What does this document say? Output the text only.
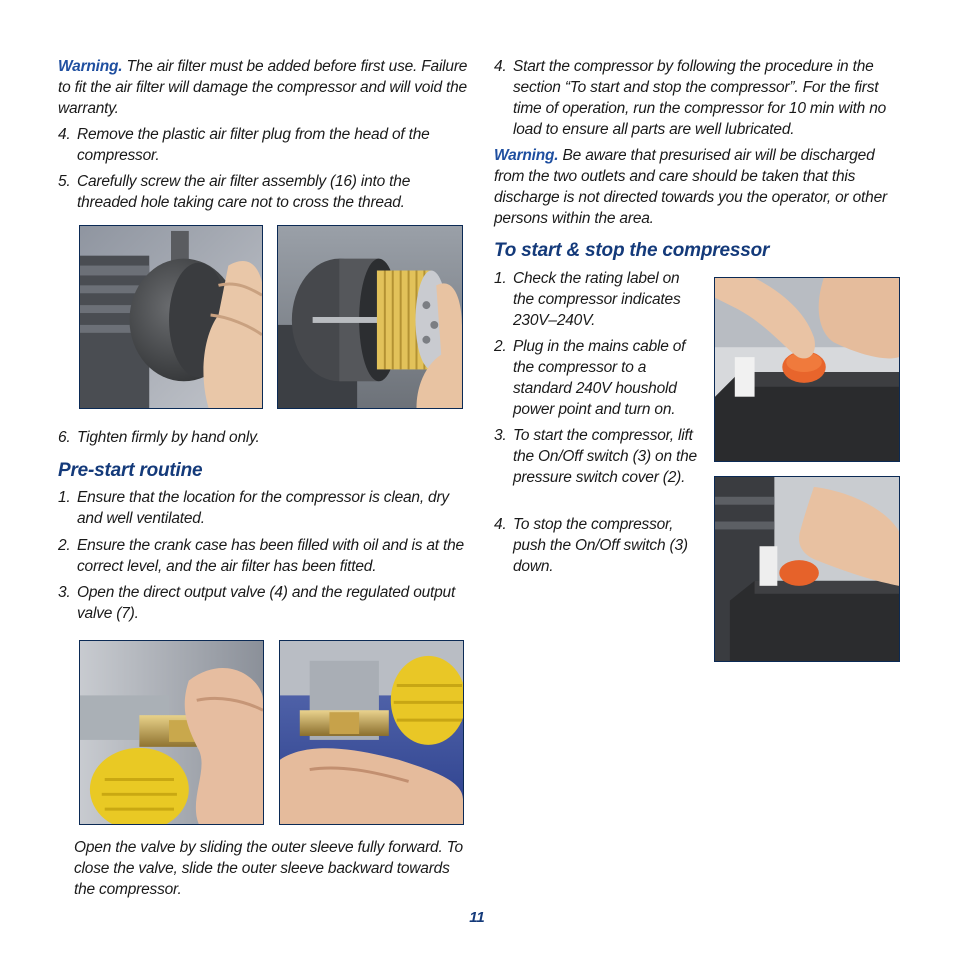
Warning. The air filter must be added before first use. Failure to fit the air filter will damage the compressor and will void the warranty.

4. Remove the plastic air filter plug from the head of the compressor.
5. Carefully screw the air filter assembly (16) into the threaded hole taking care not to cross the thread.
6. Tighten firmly by hand only.
Pre-start routine
1. Ensure that the location for the compressor is clean, dry and well ventilated.
2. Ensure the crank case has been filled with oil and is at the correct level, and the air filter has been fitted.
3. Open the direct output valve (4) and the regulated output valve (7).

Open the valve by sliding the outer sleeve fully forward. To close the valve, slide the outer sleeve backward towards the compressor.

4. Start the compressor by following the procedure in the section “To start and stop the compressor”. For the first time of operation, run the compressor for 10 min with no load to ensure all parts are well lubricated.

Warning. Be aware that presurised air will be discharged from the two outlets and care should be taken that this discharge is not directed towards you the operator, or other persons within the area.

To start & stop the compressor
1. Check the rating label on the compressor indicates 230V–240V.
2. Plug in the mains cable of the compressor to a standard 240V houshold power point and turn on.
3. To start the compressor, lift the On/Off switch (3) on the pressure switch cover (2).
4. To stop the compressor, push the On/Off switch (3) down.
11
